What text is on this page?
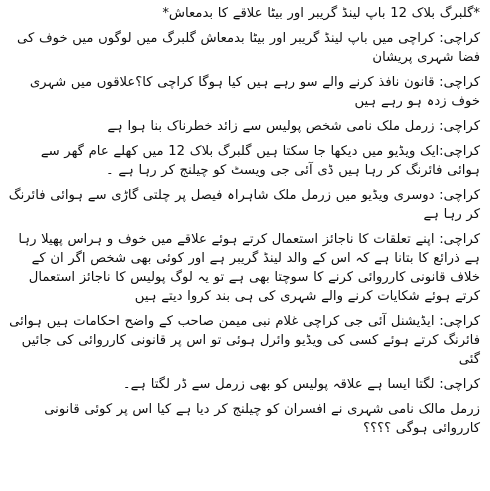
*گلبرگ بلاک 12 باپ لینڈ گریبر اور بیٹا علاقے کا بدمعاش*

کراچی: کراچی میں باپ لینڈ گریبر اور بیٹا بدمعاش گلبرگ میں لوگوں میں خوف کی فضا شہری پریشان

کراچی: قانون نافذ کرنے والے سو رہے ہیں کیا ہوگا کراچی کا؟علاقوں میں شہری خوف زدہ ہو رہے ہیں

کراچی: زرمل ملک نامی شخص پولیس سے زائد خطرناک بنا ہوا ہے

کراچی:ایک ویڈیو میں دیکھا جا سکتا ہیں گلبرگ بلاک 12 میں کھلے عام گھر سے ہوائی فائرنگ کر رہا ہیں ڈی آئی جی ویسٹ کو چیلنج کر رہا ہے ۔

کراچی: دوسری ویڈیو میں زرمل ملک شاہراہ فیصل پر چلتی گاڑی سے ہوائی فائرنگ کر رہا ہے

کراچی: اپنے تعلقات کا ناجائز استعمال کرتے ہوئے علاقے میں خوف و ہراس پھیلا رہا ہے ذرائع کا بتانا ہے کہ اس کے والد لینڈ گریبر ہے اور کوئی بھی شخص اگر ان کے خلاف قانونی کارروائی کرنے کا سوچتا بھی ہے تو یہ لوگ پولیس کا ناجائز استعمال کرتے ہوئے شکایات کرنے والے شہری کی ہی بند کروا دیتے ہیں

کراچی: ایڈیشنل آئی جی کراچی غلام نبی میمن صاحب کے واضح احکامات ہیں ہوائی فائرنگ کرتے ہوئے کسی کی ویڈیو وائرل ہوئی تو اس پر قانونی کارروائی کی جائیں گئی

کراچی: لگتا ایسا ہے علاقہ پولیس کو بھی زرمل سے ڈر لگتا ہے۔

زرمل مالک نامی شہری نے افسران کو چیلنج کر دیا ہے کیا اس پر کوئی قانونی کارروائی ہوگی ؟؟؟؟
